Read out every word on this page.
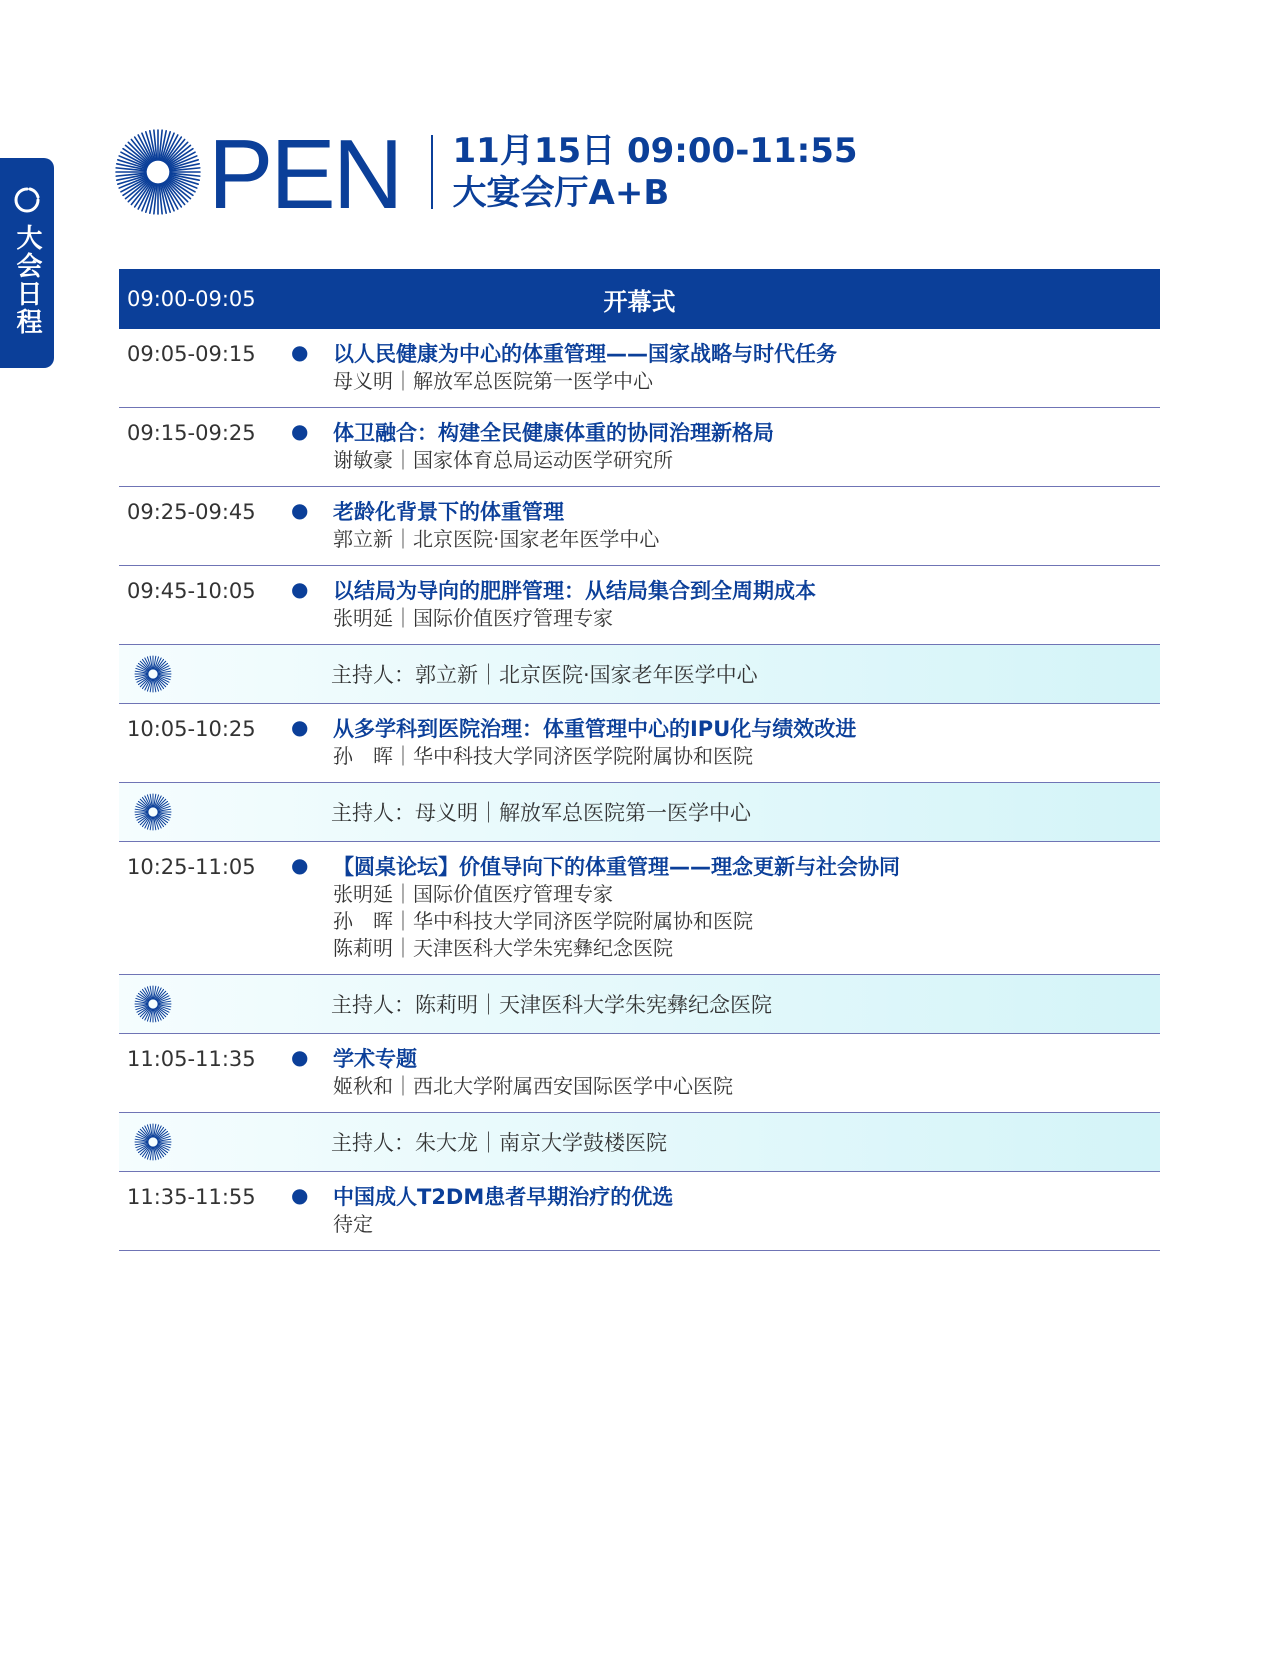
大会日程
PEN 11月15日 09:00-11:55
大宴会厅A+B
09:00-09:05	开幕式
09:05-09:15	●	以人民健康为中心的体重管理——国家战略与时代任务
母义明｜解放军总医院第一医学中心
09:15-09:25	●	体卫融合：构建全民健康体重的协同治理新格局
谢敏豪｜国家体育总局运动医学研究所
09:25-09:45	●	老龄化背景下的体重管理
郭立新｜北京医院·国家老年医学中心
09:45-10:05	●	以结局为导向的肥胖管理：从结局集合到全周期成本
张明延｜国际价值医疗管理专家
主持人：郭立新｜北京医院·国家老年医学中心
10:05-10:25	●	从多学科到医院治理：体重管理中心的IPU化与绩效改进
孙　晖｜华中科技大学同济医学院附属协和医院
主持人：母义明｜解放军总医院第一医学中心
10:25-11:05	●	【圆桌论坛】价值导向下的体重管理——理念更新与社会协同
张明延｜国际价值医疗管理专家
孙　晖｜华中科技大学同济医学院附属协和医院
陈莉明｜天津医科大学朱宪彝纪念医院
主持人：陈莉明｜天津医科大学朱宪彝纪念医院
11:05-11:35	●	学术专题
姬秋和｜西北大学附属西安国际医学中心医院
主持人：朱大龙｜南京大学鼓楼医院
11:35-11:55	●	中国成人T2DM患者早期治疗的优选
待定
